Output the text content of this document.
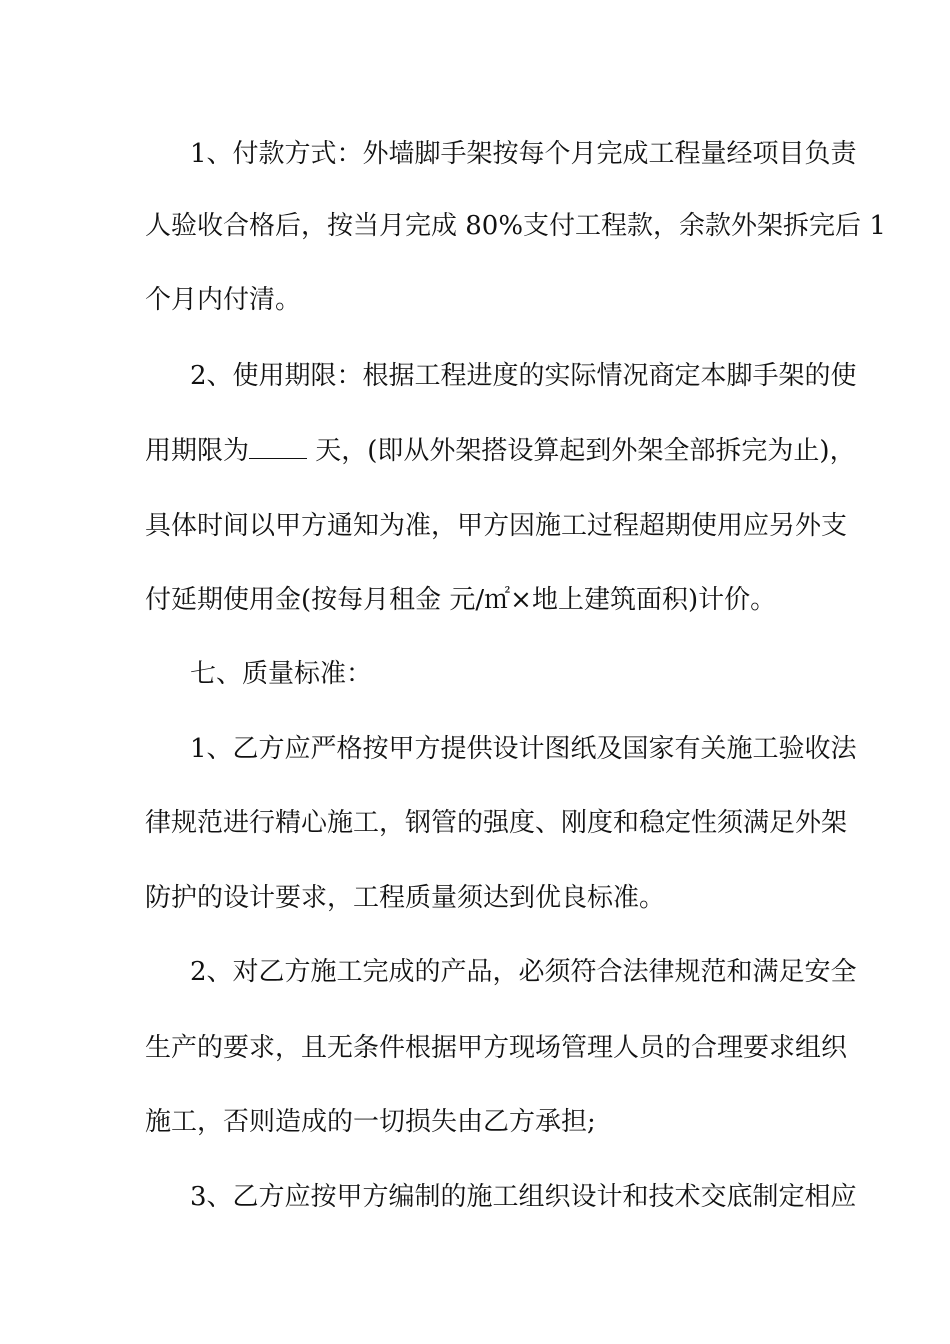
1、付款方式：外墙脚手架按每个月完成工程量经项目负责
人验收合格后，按当月完成 80%支付工程款，余款外架拆完后 1
个月内付清。
2、使用期限：根据工程进度的实际情况商定本脚手架的使
用期限为	天，(即从外架搭设算起到外架全部拆完为止)，
具体时间以甲方通知为准，甲方因施工过程超期使用应另外支
付延期使用金(按每月租金 元/㎡×地上建筑面积)计价。
七、质量标准：
1、乙方应严格按甲方提供设计图纸及国家有关施工验收法
律规范进行精心施工，钢管的强度、刚度和稳定性须满足外架
防护的设计要求，工程质量须达到优良标准。
2、对乙方施工完成的产品，必须符合法律规范和满足安全
生产的要求，且无条件根据甲方现场管理人员的合理要求组织
施工，否则造成的一切损失由乙方承担;
3、乙方应按甲方编制的施工组织设计和技术交底制定相应
